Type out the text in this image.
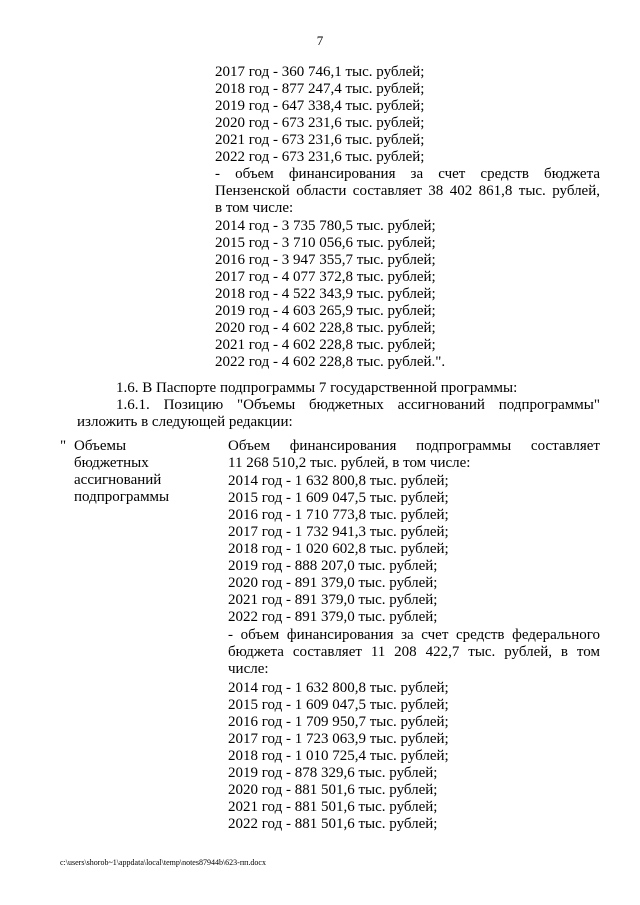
7
2017 год - 360 746,1 тыс. рублей;
2018 год - 877 247,4 тыс. рублей;
2019 год - 647 338,4 тыс. рублей;
2020 год - 673 231,6 тыс. рублей;
2021 год - 673 231,6 тыс. рублей;
2022 год - 673 231,6 тыс. рублей;
- объем финансирования за счет средств бюджета
Пензенской области составляет 38 402 861,8 тыс. рублей,
в том числе:
2014 год - 3 735 780,5 тыс. рублей;
2015 год - 3 710 056,6 тыс. рублей;
2016 год - 3 947 355,7 тыс. рублей;
2017 год - 4 077 372,8 тыс. рублей;
2018 год - 4 522 343,9 тыс. рублей;
2019 год - 4 603 265,9 тыс. рублей;
2020 год - 4 602 228,8 тыс. рублей;
2021 год - 4 602 228,8 тыс. рублей;
2022 год - 4 602 228,8 тыс. рублей.".
1.6. В Паспорте подпрограммы 7 государственной программы:
1.6.1. Позицию "Объемы бюджетных ассигнований подпрограммы"
изложить в следующей редакции:
" Объемы
бюджетных
ассигнований
подпрограммы
Объем финансирования подпрограммы составляет
11 268 510,2 тыс. рублей, в том числе:
2014 год - 1 632 800,8 тыс. рублей;
2015 год - 1 609 047,5 тыс. рублей;
2016 год - 1 710 773,8 тыс. рублей;
2017 год - 1 732 941,3 тыс. рублей;
2018 год - 1 020 602,8 тыс. рублей;
2019 год - 888 207,0 тыс. рублей;
2020 год - 891 379,0 тыс. рублей;
2021 год - 891 379,0 тыс. рублей;
2022 год - 891 379,0 тыс. рублей;
- объем финансирования за счет средств федерального
бюджета составляет 11 208 422,7 тыс. рублей, в том
числе:
2014 год - 1 632 800,8 тыс. рублей;
2015 год - 1 609 047,5 тыс. рублей;
2016 год - 1 709 950,7 тыс. рублей;
2017 год - 1 723 063,9 тыс. рублей;
2018 год - 1 010 725,4 тыс. рублей;
2019 год - 878 329,6 тыс. рублей;
2020 год - 881 501,6 тыс. рублей;
2021 год - 881 501,6 тыс. рублей;
2022 год - 881 501,6 тыс. рублей;
c:\users\shorob~1\appdata\local\temp\notes87944b\623-пп.docx
